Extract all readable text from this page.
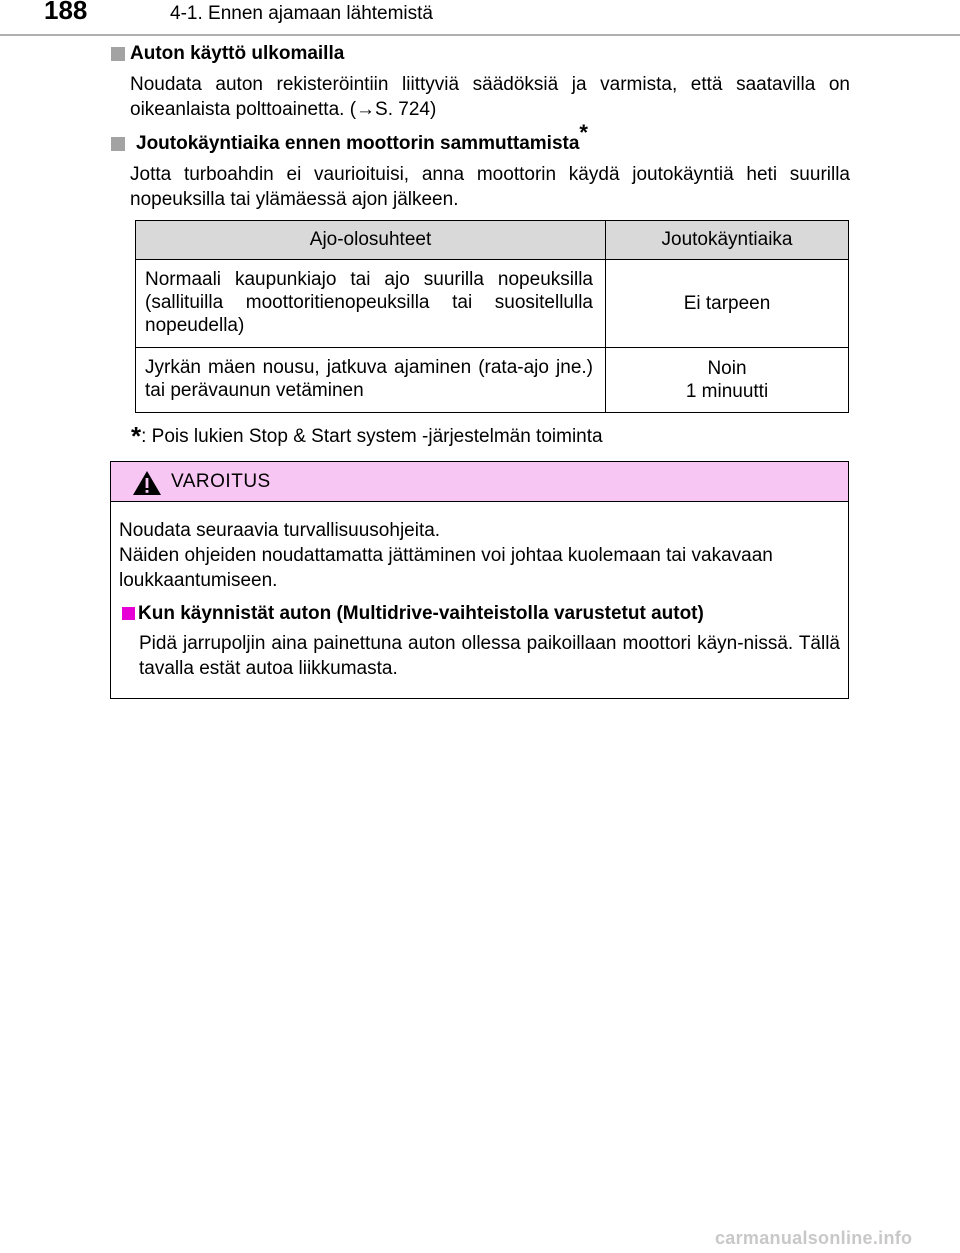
188	4-1. Ennen ajamaan lähtemistä
Auton käyttö ulkomailla
Noudata auton rekisteröintiin liittyviä säädöksiä ja varmista, että saatavilla on oikeanlaista polttoainetta. (→S. 724)
Joutokäyntiaika ennen moottorin sammuttamista*
Jotta turboahdin ei vaurioituisi, anna moottorin käydä joutokäyntiä heti suurilla nopeuksilla tai ylämäessä ajon jälkeen.
Ajo-olosuhteet	Joutokäyntiaika
Normaali kaupunkiajo tai ajo suurilla nopeuksilla (sallituilla moottoritienopeuksilla tai suositellulla nopeudella)	Ei tarpeen
Jyrkän mäen nousu, jatkuva ajaminen (rata-ajo jne.) tai perävaunun vetäminen	Noin
1 minuutti
*: Pois lukien Stop & Start system -järjestelmän toiminta
VAROITUS
Noudata seuraavia turvallisuusohjeita.
Näiden ohjeiden noudattamatta jättäminen voi johtaa kuolemaan tai vakavaan loukkaantumiseen.
Kun käynnistät auton (Multidrive-vaihteistolla varustetut autot)
Pidä jarrupoljin aina painettuna auton ollessa paikoillaan moottori käyn-nissä. Tällä tavalla estät autoa liikkumasta.
carmanualsonline.info
